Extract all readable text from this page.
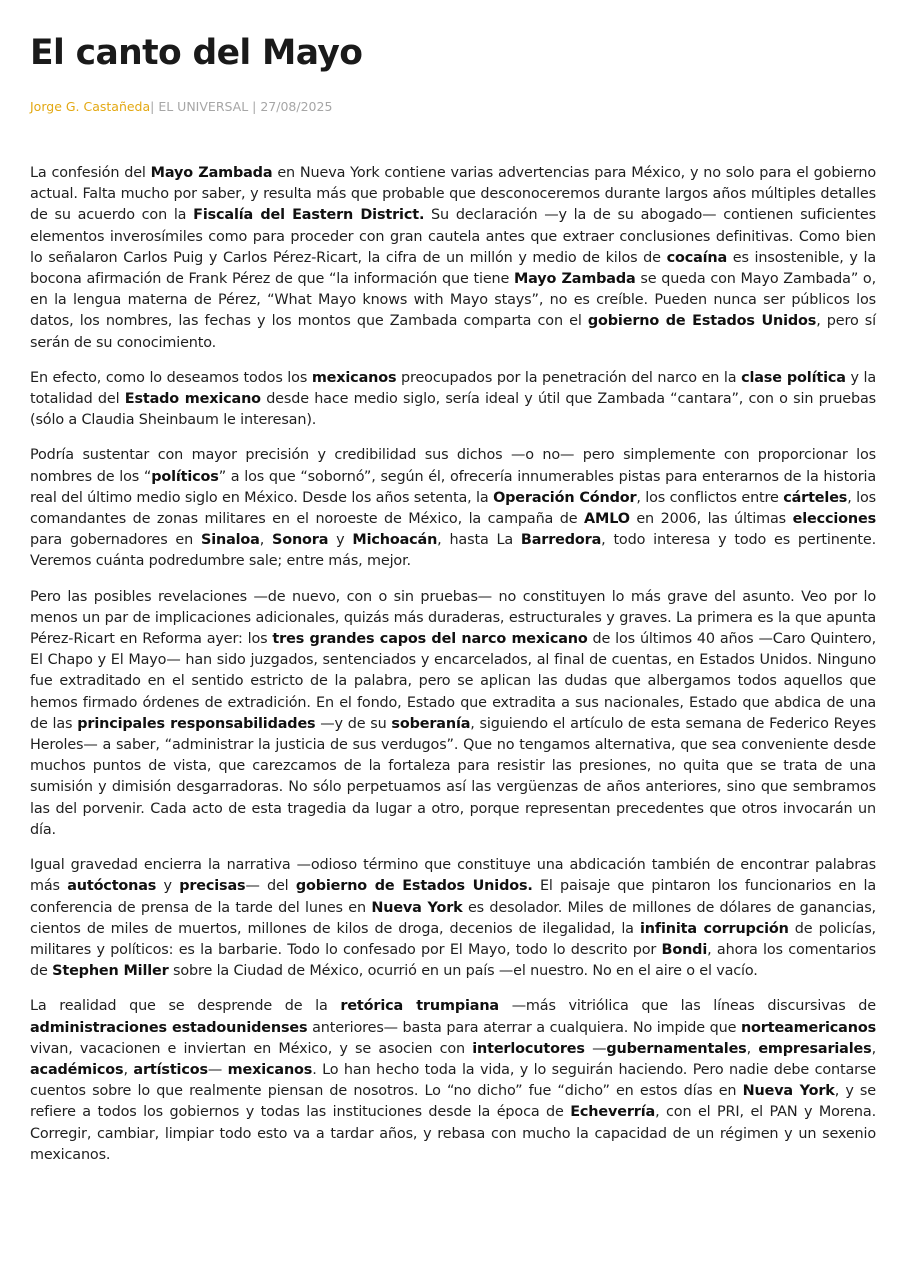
El canto del Mayo
Jorge G. Castañeda| EL UNIVERSAL | 27/08/2025

La confesión del Mayo Zambada en Nueva York contiene varias advertencias para México, y no solo para el gobierno actual. Falta mucho por saber, y resulta más que probable que desconoceremos durante largos años múltiples detalles de su acuerdo con la Fiscalía del Eastern District. Su declaración —y la de su abogado— contienen suficientes elementos inverosímiles como para proceder con gran cautela antes que extraer conclusiones definitivas. Como bien lo señalaron Carlos Puig y Carlos Pérez-Ricart, la cifra de un millón y medio de kilos de cocaína es insostenible, y la bocona afirmación de Frank Pérez de que “la información que tiene Mayo Zambada se queda con Mayo Zambada” o, en la lengua materna de Pérez, “What Mayo knows with Mayo stays”, no es creíble. Pueden nunca ser públicos los datos, los nombres, las fechas y los montos que Zambada comparta con el gobierno de Estados Unidos, pero sí serán de su conocimiento.

En efecto, como lo deseamos todos los mexicanos preocupados por la penetración del narco en la clase política y la totalidad del Estado mexicano desde hace medio siglo, sería ideal y útil que Zambada “cantara”, con o sin pruebas (sólo a Claudia Sheinbaum le interesan).

Podría sustentar con mayor precisión y credibilidad sus dichos —o no— pero simplemente con proporcionar los nombres de los “políticos” a los que “sobornó”, según él, ofrecería innumerables pistas para enterarnos de la historia real del último medio siglo en México. Desde los años setenta, la Operación Cóndor, los conflictos entre cárteles, los comandantes de zonas militares en el noroeste de México, la campaña de AMLO en 2006, las últimas elecciones para gobernadores en Sinaloa, Sonora y Michoacán, hasta La Barredora, todo interesa y todo es pertinente. Veremos cuánta podredumbre sale; entre más, mejor.

Pero las posibles revelaciones —de nuevo, con o sin pruebas— no constituyen lo más grave del asunto. Veo por lo menos un par de implicaciones adicionales, quizás más duraderas, estructurales y graves. La primera es la que apunta Pérez-Ricart en Reforma ayer: los tres grandes capos del narco mexicano de los últimos 40 años —Caro Quintero, El Chapo y El Mayo— han sido juzgados, sentenciados y encarcelados, al final de cuentas, en Estados Unidos. Ninguno fue extraditado en el sentido estricto de la palabra, pero se aplican las dudas que albergamos todos aquellos que hemos firmado órdenes de extradición. En el fondo, Estado que extradita a sus nacionales, Estado que abdica de una de las principales responsabilidades —y de su soberanía, siguiendo el artículo de esta semana de Federico Reyes Heroles— a saber, “administrar la justicia de sus verdugos”. Que no tengamos alternativa, que sea conveniente desde muchos puntos de vista, que carezcamos de la fortaleza para resistir las presiones, no quita que se trata de una sumisión y dimisión desgarradoras. No sólo perpetuamos así las vergüenzas de años anteriores, sino que sembramos las del porvenir. Cada acto de esta tragedia da lugar a otro, porque representan precedentes que otros invocarán un día.

Igual gravedad encierra la narrativa —odioso término que constituye una abdicación también de encontrar palabras más autóctonas y precisas— del gobierno de Estados Unidos. El paisaje que pintaron los funcionarios en la conferencia de prensa de la tarde del lunes en Nueva York es desolador. Miles de millones de dólares de ganancias, cientos de miles de muertos, millones de kilos de droga, decenios de ilegalidad, la infinita corrupción de policías, militares y políticos: es la barbarie. Todo lo confesado por El Mayo, todo lo descrito por Bondi, ahora los comentarios de Stephen Miller sobre la Ciudad de México, ocurrió en un país —el nuestro. No en el aire o el vacío.

La realidad que se desprende de la retórica trumpiana —más vitriólica que las líneas discursivas de administraciones estadounidenses anteriores— basta para aterrar a cualquiera. No impide que norteamericanos vivan, vacacionen e inviertan en México, y se asocien con interlocutores —gubernamentales, empresariales, académicos, artísticos— mexicanos. Lo han hecho toda la vida, y lo seguirán haciendo. Pero nadie debe contarse cuentos sobre lo que realmente piensan de nosotros. Lo “no dicho” fue “dicho” en estos días en Nueva York, y se refiere a todos los gobiernos y todas las instituciones desde la época de Echeverría, con el PRI, el PAN y Morena. Corregir, cambiar, limpiar todo esto va a tardar años, y rebasa con mucho la capacidad de un régimen y un sexenio mexicanos.
